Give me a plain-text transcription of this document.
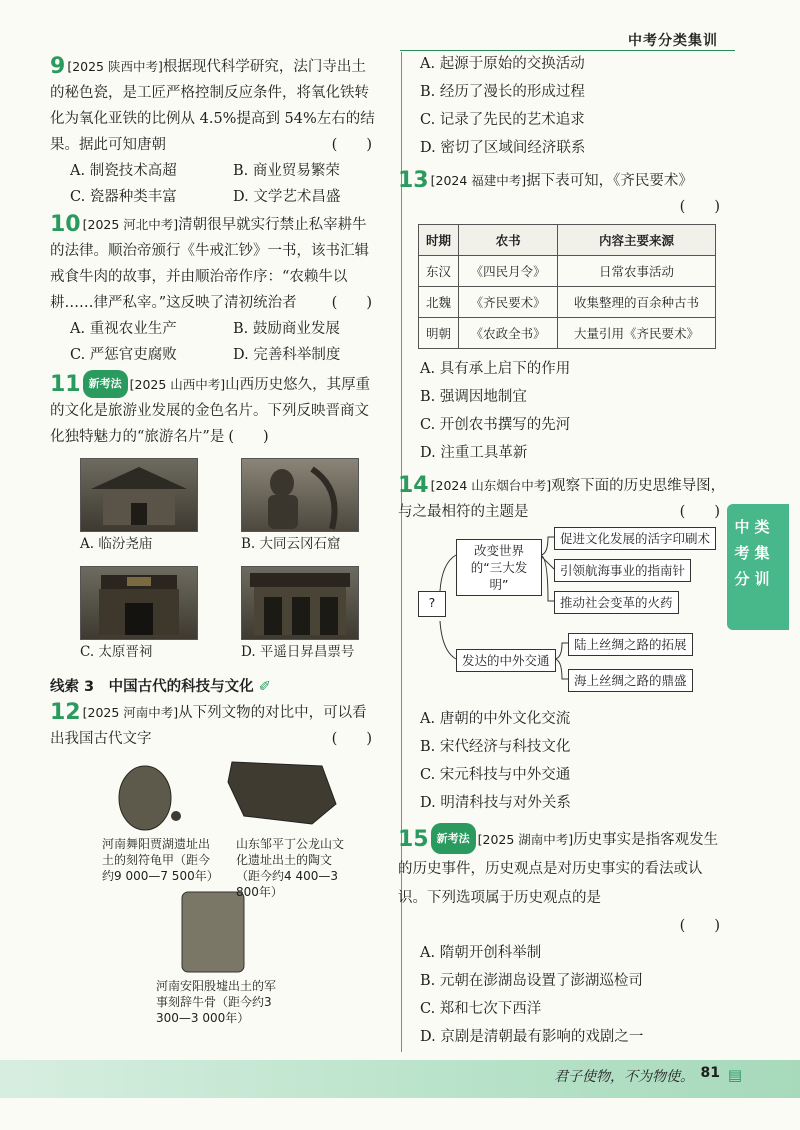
中考分类集训
9 [2025 陕西中考]根据现代科学研究，法门寺出土的秘色瓷，是工匠严格控制反应条件，将氧化铁转化为氧化亚铁的比例从 4.5%提高到 54%左右的结果。据此可知唐朝	(　　)
A. 制瓷技术高超	B. 商业贸易繁荣
C. 瓷器种类丰富	D. 文学艺术昌盛
10 [2025 河北中考]清朝很早就实行禁止私宰耕牛的法律。顺治帝颁行《牛戒汇钞》一书，该书汇辑戒食牛肉的故事，并由顺治帝作序：“农赖牛以耕……律严私宰。”这反映了清初统治者 (　　)
A. 重视农业生产	B. 鼓励商业发展
C. 严惩官吏腐败	D. 完善科举制度
11 新考法 [2025 山西中考]山西历史悠久，其厚重的文化是旅游业发展的金色名片。下列反映晋商文化独特魅力的“旅游名片”是 (　　)
A. 临汾尧庙	B. 大同云冈石窟
C. 太原晋祠	D. 平遥日昇昌票号
线索 3　中国古代的科技与文化 ✐
12 [2025 河南中考]从下列文物的对比中，可以看出我国古代文字	(　　)
河南舞阳贾湖遗址出土的刻符龟甲（距今约9 000—7 500年）
山东邹平丁公龙山文化遗址出土的陶文（距今约4 400—3 800年）
河南安阳殷墟出土的军事刻辞牛骨（距今约3 300—3 000年）
A. 起源于原始的交换活动
B. 经历了漫长的形成过程
C. 记录了先民的艺术追求
D. 密切了区域间经济联系
13 [2024 福建中考]据下表可知，《齐民要术》
(　　)
时期	农书	内容主要来源
东汉	《四民月令》	日常农事活动
北魏	《齐民要术》	收集整理的百余种古书
明朝	《农政全书》	大量引用《齐民要术》
A. 具有承上启下的作用
B. 强调因地制宜
C. 开创农书撰写的先河
D. 注重工具革新
14 [2024 山东烟台中考]观察下面的历史思维导图，与之最相符的主题是	(　　)
?
改变世界的“三大发明”
发达的中外交通
促进文化发展的活字印刷术
引领航海事业的指南针
推动社会变革的火药
陆上丝绸之路的拓展
海上丝绸之路的鼎盛
A. 唐朝的中外文化交流
B. 宋代经济与科技文化
C. 宋元科技与中外交通
D. 明清科技与对外关系
15 新考法 [2025 湖南中考]历史事实是指客观发生的历史事件，历史观点是对历史事实的看法或认识。下列选项属于历史观点的是
(　　)
A. 隋朝开创科举制
B. 元朝在澎湖岛设置了澎湖巡检司
C. 郑和七次下西洋
D. 京剧是清朝最有影响的戏剧之一
中
考
分
类
集
训
君子使物，不为物使。 81 ▤
